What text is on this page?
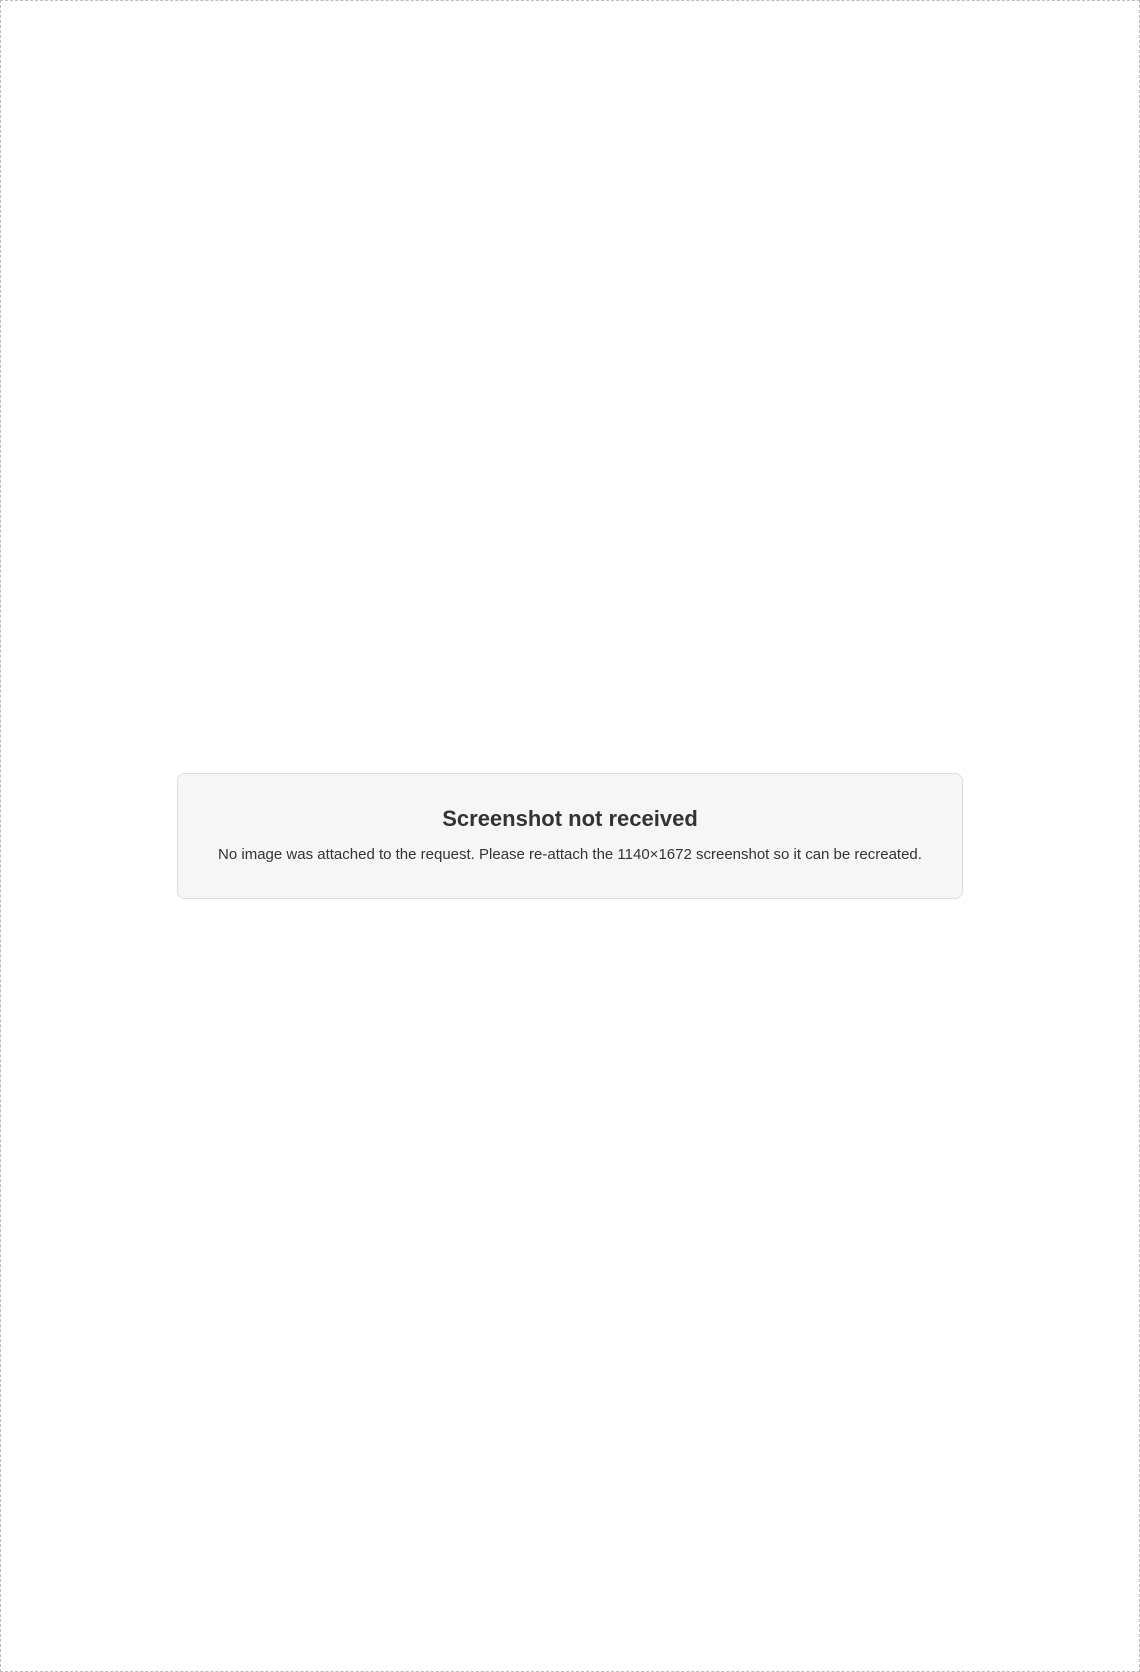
Screenshot not received

No image was attached to the request. Please re-attach the 1140×1672 screenshot so it can be recreated.
